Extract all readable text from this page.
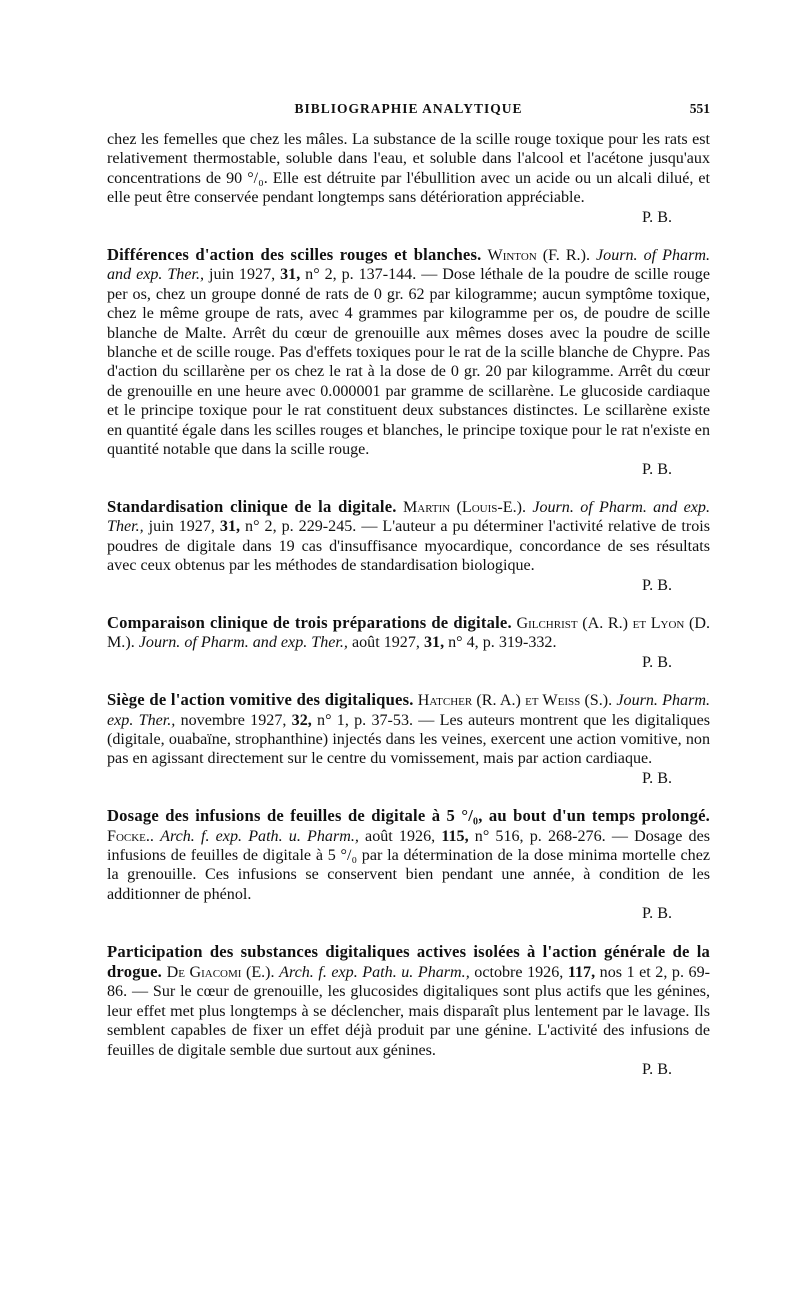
BIBLIOGRAPHIE ANALYTIQUE	551

chez les femelles que chez les mâles. La substance de la scille rouge toxique pour les rats est relativement thermostable, soluble dans l'eau, et soluble dans l'alcool et l'acétone jusqu'aux concentrations de 90 °/₀. Elle est détruite par l'ébullition avec un acide ou un alcali dilué, et elle peut être conservée pendant longtemps sans détérioration appréciable.
P. B.

Différences d'action des scilles rouges et blanches. Winton (F. R.). Journ. of Pharm. and exp. Ther., juin 1927, 31, n° 2, p. 137-144. — Dose léthale de la poudre de scille rouge per os, chez un groupe donné de rats de 0 gr. 62 par kilogramme; aucun symptôme toxique, chez le même groupe de rats, avec 4 grammes par kilogramme per os, de poudre de scille blanche de Malte. Arrêt du cœur de grenouille aux mêmes doses avec la poudre de scille blanche et de scille rouge. Pas d'effets toxiques pour le rat de la scille blanche de Chypre. Pas d'action du scillarène per os chez le rat à la dose de 0 gr. 20 par kilogramme. Arrêt du cœur de grenouille en une heure avec 0.000001 par gramme de scillarène. Le glucoside cardiaque et le principe toxique pour le rat constituent deux substances distinctes. Le scillarène existe en quantité égale dans les scilles rouges et blanches, le principe toxique pour le rat n'existe en quantité notable que dans la scille rouge.
P. B.

Standardisation clinique de la digitale. Martin (Louis-E.). Journ. of Pharm. and exp. Ther., juin 1927, 31, n° 2, p. 229-245. — L'auteur a pu déterminer l'activité relative de trois poudres de digitale dans 19 cas d'insuffisance myocardique, concordance de ses résultats avec ceux obtenus par les méthodes de standardisation biologique.
P. B.

Comparaison clinique de trois préparations de digitale. Gilchrist (A. R.) et Lyon (D. M.). Journ. of Pharm. and exp. Ther., août 1927, 31, n° 4, p. 319-332.
P. B.

Siège de l'action vomitive des digitaliques. Hatcher (R. A.) et Weiss (S.). Journ. Pharm. exp. Ther., novembre 1927, 32, n° 1, p. 37-53. — Les auteurs montrent que les digitaliques (digitale, ouabaïne, strophanthine) injectés dans les veines, exercent une action vomitive, non pas en agissant directement sur le centre du vomissement, mais par action cardiaque.
P. B.

Dosage des infusions de feuilles de digitale à 5 °/₀, au bout d'un temps prolongé. Focke.. Arch. f. exp. Path. u. Pharm., août 1926, 115, n° 516, p. 268-276. — Dosage des infusions de feuilles de digitale à 5 °/₀ par la détermination de la dose minima mortelle chez la grenouille. Ces infusions se conservent bien pendant une année, à condition de les additionner de phénol.
P. B.

Participation des substances digitaliques actives isolées à l'action générale de la drogue. De Giacomi (E.). Arch. f. exp. Path. u. Pharm., octobre 1926, 117, nos 1 et 2, p. 69-86. — Sur le cœur de grenouille, les glucosides digitaliques sont plus actifs que les génines, leur effet met plus longtemps à se déclencher, mais disparaît plus lentement par le lavage. Ils semblent capables de fixer un effet déjà produit par une génine. L'activité des infusions de feuilles de digitale semble due surtout aux génines.
P. B.
